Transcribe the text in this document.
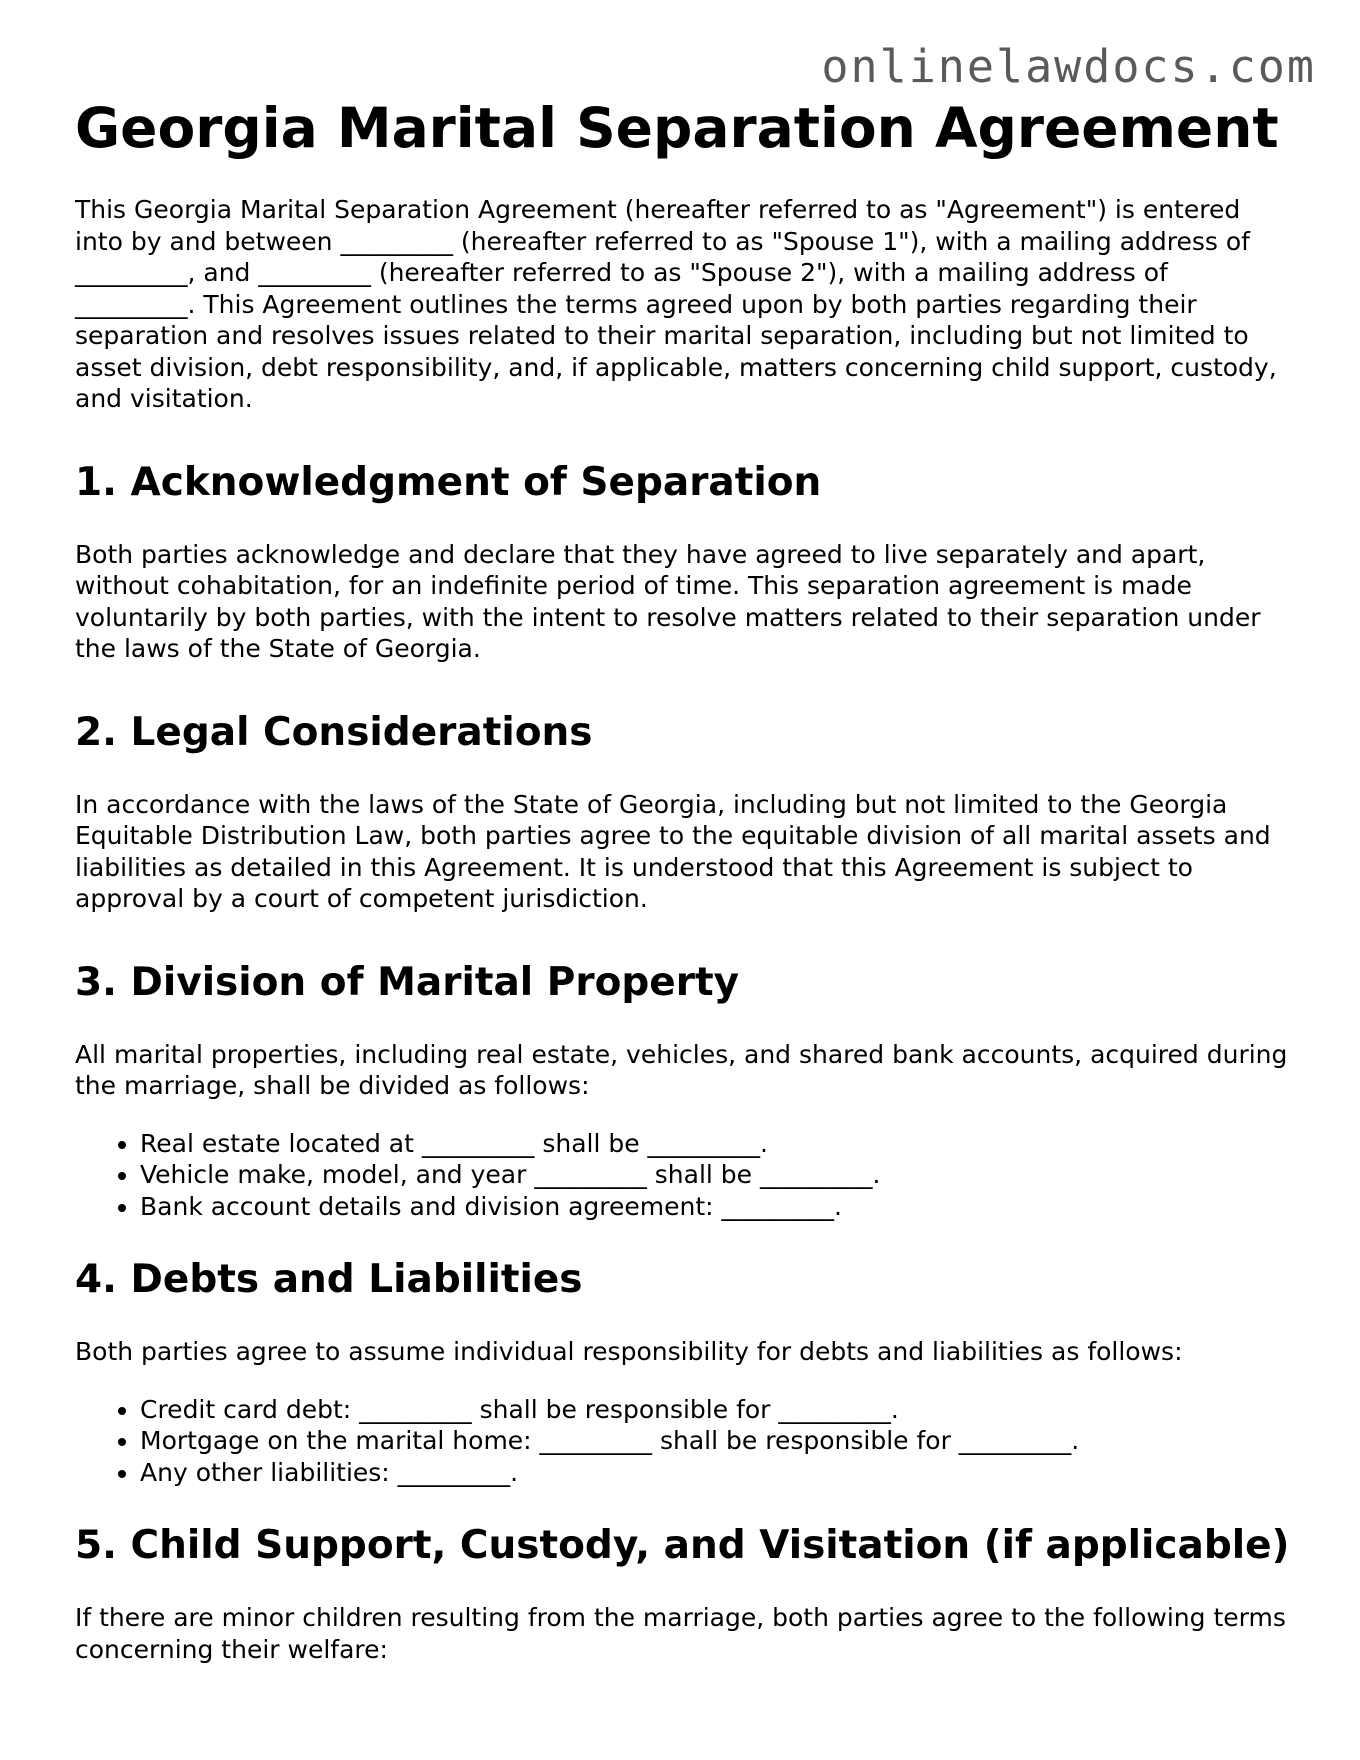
onlinelawdocs.com
Georgia Marital Separation Agreement

This Georgia Marital Separation Agreement (hereafter referred to as "Agreement") is entered into by and between _________ (hereafter referred to as "Spouse 1"), with a mailing address of _________, and _________ (hereafter referred to as "Spouse 2"), with a mailing address of _________. This Agreement outlines the terms agreed upon by both parties regarding their separation and resolves issues related to their marital separation, including but not limited to asset division, debt responsibility, and, if applicable, matters concerning child support, custody, and visitation.

1. Acknowledgment of Separation

Both parties acknowledge and declare that they have agreed to live separately and apart, without cohabitation, for an indefinite period of time. This separation agreement is made voluntarily by both parties, with the intent to resolve matters related to their separation under the laws of the State of Georgia.

2. Legal Considerations

In accordance with the laws of the State of Georgia, including but not limited to the Georgia Equitable Distribution Law, both parties agree to the equitable division of all marital assets and liabilities as detailed in this Agreement. It is understood that this Agreement is subject to approval by a court of competent jurisdiction.

3. Division of Marital Property

All marital properties, including real estate, vehicles, and shared bank accounts, acquired during the marriage, shall be divided as follows:

• Real estate located at _________ shall be _________.
• Vehicle make, model, and year _________ shall be _________.
• Bank account details and division agreement: _________.
4. Debts and Liabilities

Both parties agree to assume individual responsibility for debts and liabilities as follows:

• Credit card debt: _________ shall be responsible for _________.
• Mortgage on the marital home: _________ shall be responsible for _________.
• Any other liabilities: _________.
5. Child Support, Custody, and Visitation (if applicable)

If there are minor children resulting from the marriage, both parties agree to the following terms concerning their welfare:
